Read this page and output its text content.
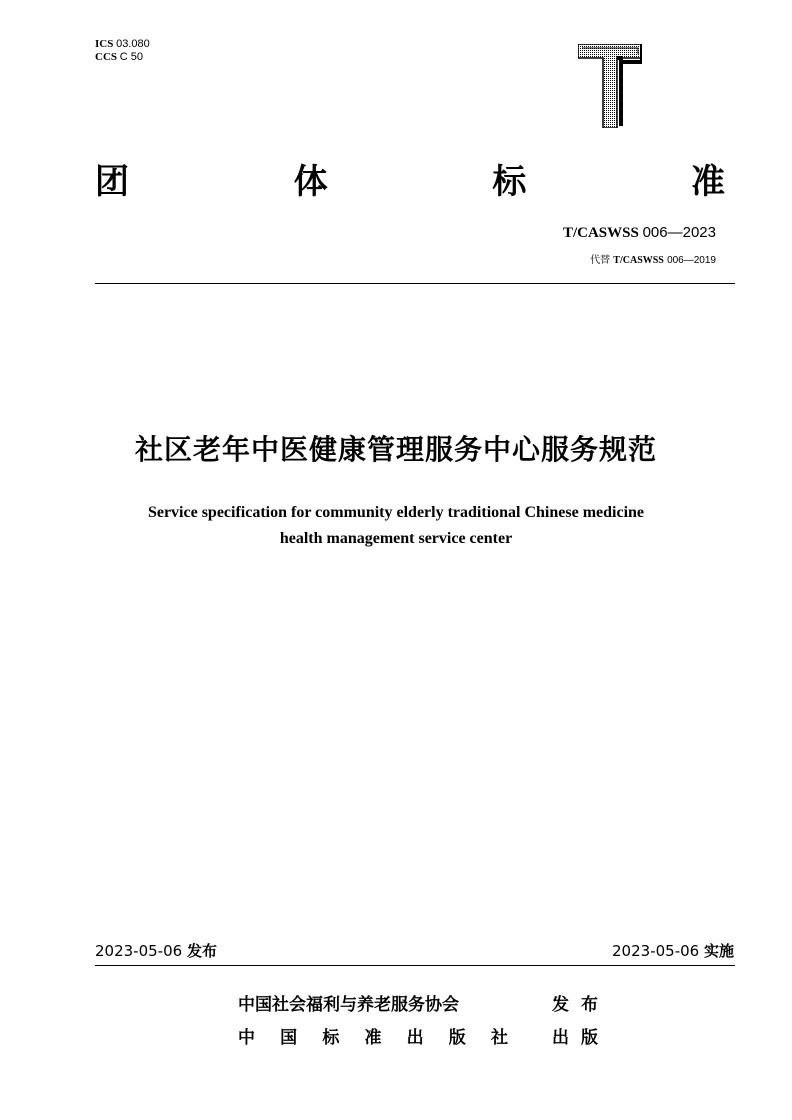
ICS 03.080
CCS C 50
团	体	标	准
T/CASWSS 006—2023
代替 T/CASWSS 006—2019
社区老年中医健康管理服务中心服务规范
Service specification for community elderly traditional Chinese medicine
health management service center
2023-05-06 发布	2023-05-06 实施
中国社会福利与养老服务协会	发 布
中 国 标 准 出 版 社	出 版
